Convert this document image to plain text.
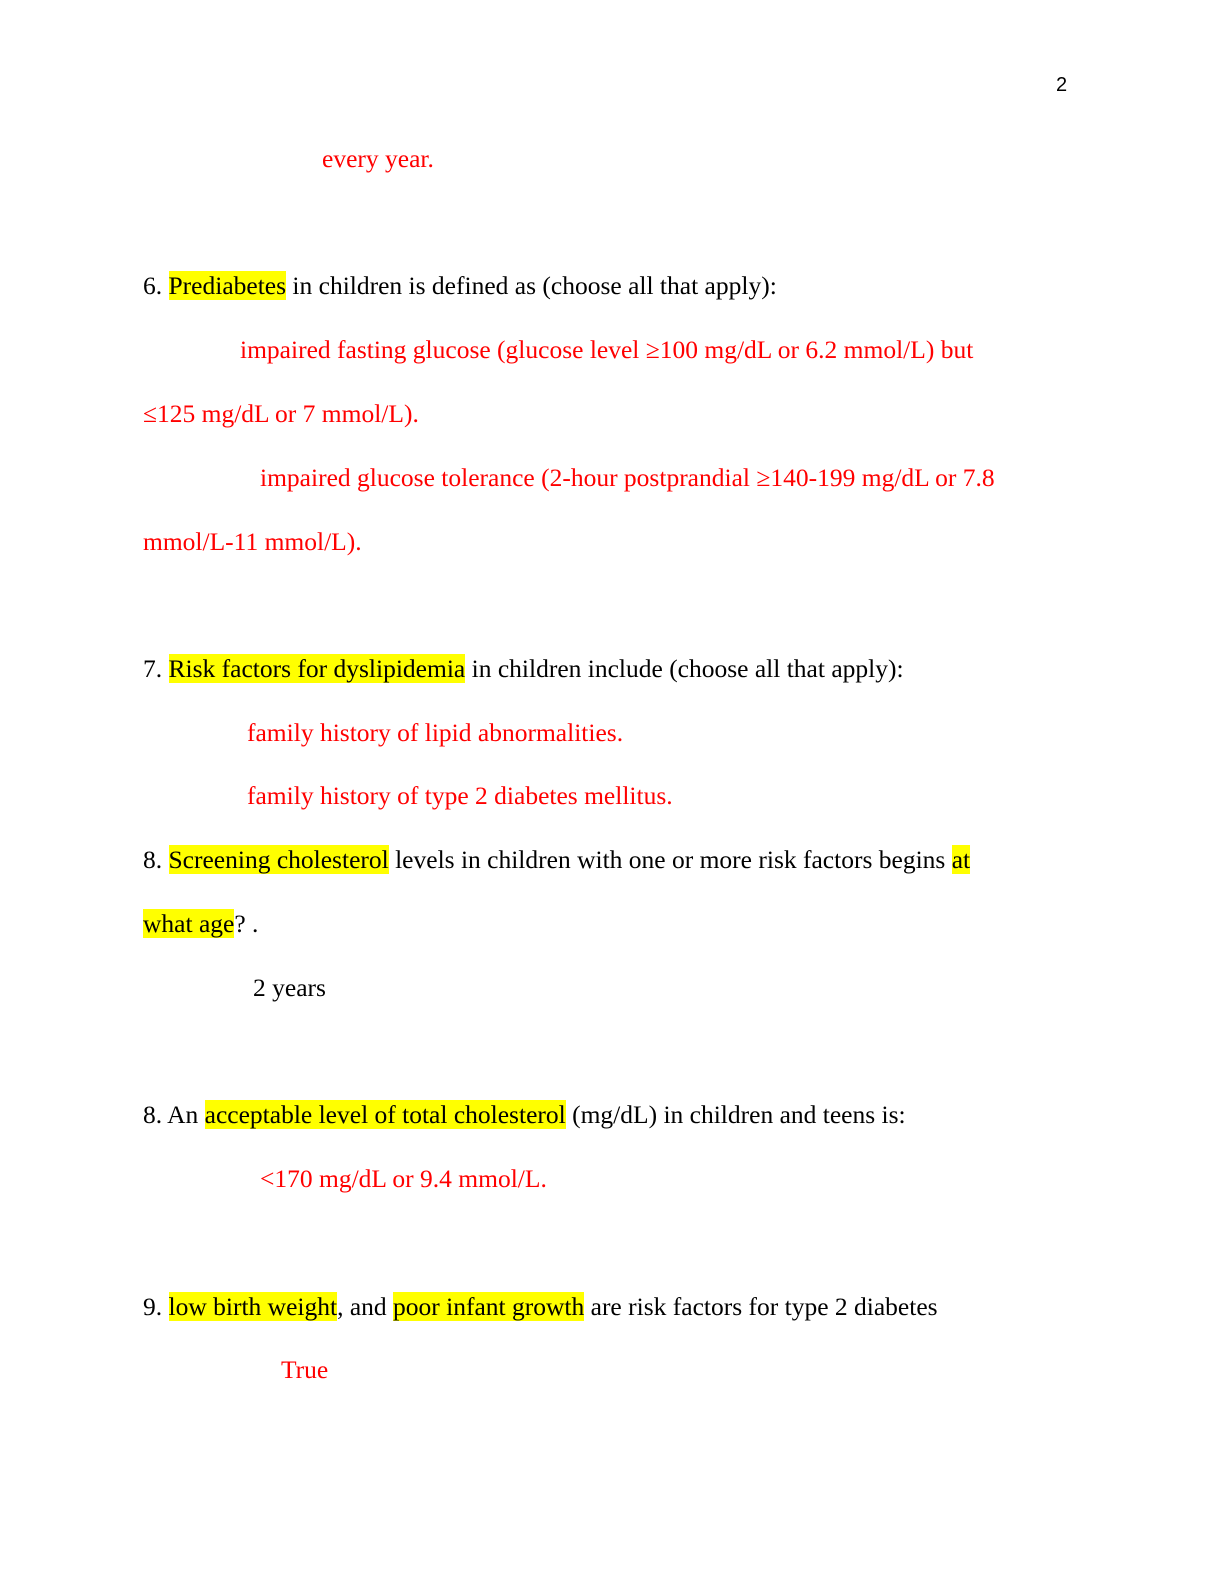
2
every year.
6. Prediabetes in children is defined as (choose all that apply):
impaired fasting glucose (glucose level ≥100 mg/dL or 6.2 mmol/L) but
≤125 mg/dL or 7 mmol/L).
impaired glucose tolerance (2-hour postprandial ≥140-199 mg/dL or 7.8
mmol/L-11 mmol/L).
7. Risk factors for dyslipidemia in children include (choose all that apply):
family history of lipid abnormalities.
family history of type 2 diabetes mellitus.
8. Screening cholesterol levels in children with one or more risk factors begins at
what age? .
2 years
8. An acceptable level of total cholesterol (mg/dL) in children and teens is:
<170 mg/dL or 9.4 mmol/L.
9. low birth weight, and poor infant growth are risk factors for type 2 diabetes
True
